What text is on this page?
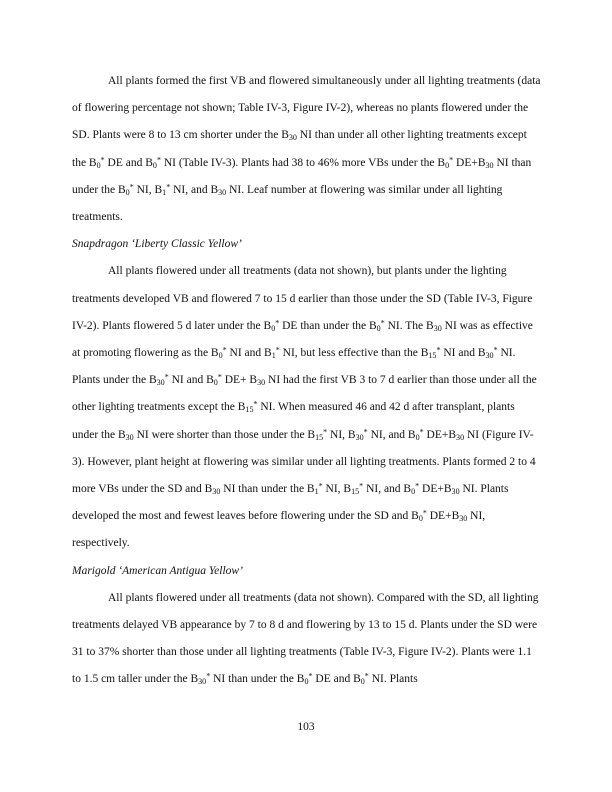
All plants formed the first VB and flowered simultaneously under all lighting treatments (data of flowering percentage not shown; Table IV-3, Figure IV-2), whereas no plants flowered under the SD. Plants were 8 to 13 cm shorter under the $B_{30}$ NI than under all other lighting treatments except the $B_0^*$ DE and $B_0^*$ NI (Table IV-3). Plants had 38 to 46% more VBs under the $B_0^*$ $DE+B_{30}$ NI than under the $B_0^*$ NI, $B_1^*$ NI, and $B_{30}$ NI. Leaf number at flowering was similar under all lighting treatments.

Snapdragon ‘Liberty Classic Yellow’

All plants flowered under all treatments (data not shown), but plants under the lighting treatments developed VB and flowered 7 to 15 d earlier than those under the SD (Table IV-3, Figure IV-2). Plants flowered 5 d later under the $B_0^*$ DE than under the $B_0^*$ NI. The $B_{30}$ NI was as effective at promoting flowering as the $B_0^*$ NI and $B_1^*$ NI, but less effective than the $B_{15}^*$ NI and $B_{30}^*$ NI. Plants under the $B_{30}^*$ NI and $B_0^*$ $DE+ B_{30}$ NI had the first VB 3 to 7 d earlier than those under all the other lighting treatments except the $B_{15}^*$ NI. When measured 46 and 42 d after transplant, plants under the $B_{30}$ NI were shorter than those under the $B_{15}^*$ NI, $B_{30}^*$ NI, and $B_0^*$ $DE+B_{30}$ NI (Figure IV-3). However, plant height at flowering was similar under all lighting treatments. Plants formed 2 to 4 more VBs under the SD and $B_{30}$ NI than under the $B_1^*$ NI, $B_{15}^*$ NI, and $B_0^*$ $DE+B_{30}$ NI. Plants developed the most and fewest leaves before flowering under the SD and $B_0^*$ $DE+B_{30}$ NI, respectively.

Marigold ‘American Antigua Yellow’

All plants flowered under all treatments (data not shown). Compared with the SD, all lighting treatments delayed VB appearance by 7 to 8 d and flowering by 13 to 15 d. Plants under the SD were 31 to 37% shorter than those under all lighting treatments (Table IV-3, Figure IV-2). Plants were 1.1 to 1.5 cm taller under the $B_{30}^*$ NI than under the $B_0^*$ DE and $B_0^*$ NI. Plants

103
